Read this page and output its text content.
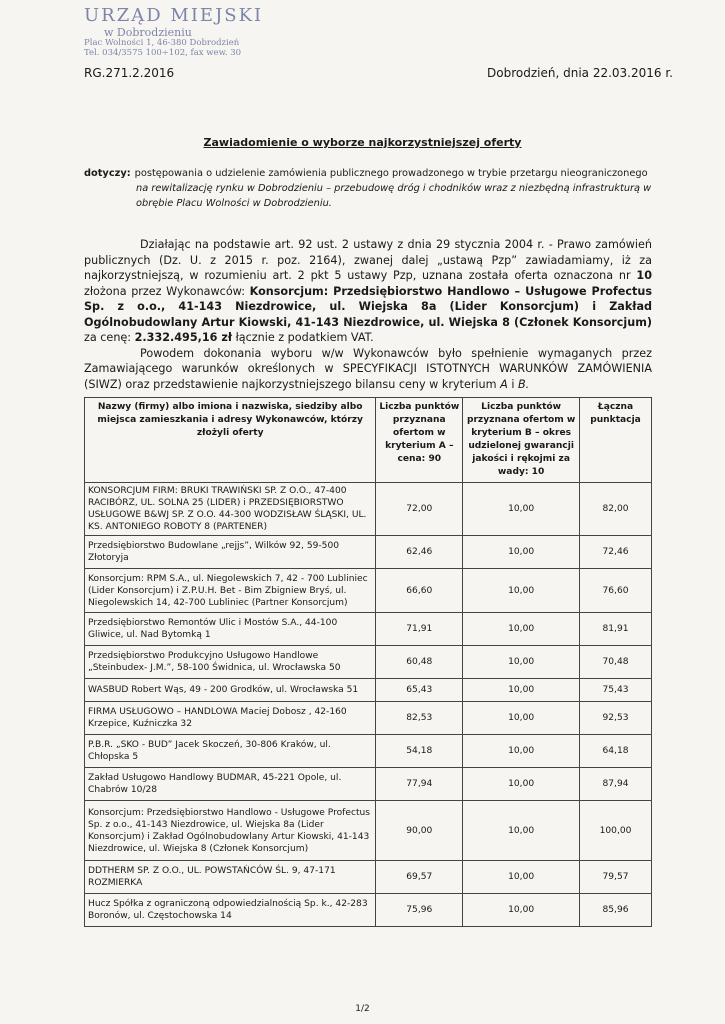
URZĄD MIEJSKI
w Dobrodzieniu
Plac Wolności 1, 46-380 Dobrodzień
Tel. 034/3575 100÷102, fax wew. 30
RG.271.2.2016	Dobrodzień, dnia 22.03.2016 r.
Zawiadomienie o wyborze najkorzystniejszej oferty
dotyczy: postępowania o udzielenie zamówienia publicznego prowadzonego w trybie przetargu nieograniczonego
na rewitalizację rynku w Dobrodzieniu – przebudowę dróg i chodników wraz z niezbędną infrastrukturą w obrębie Placu Wolności w Dobrodzieniu.

Działając na podstawie art. 92 ust. 2 ustawy z dnia 29 stycznia 2004 r. - Prawo zamówień publicznych (Dz. U. z 2015 r. poz. 2164), zwanej dalej „ustawą Pzp” zawiadamiamy, iż za najkorzystniejszą, w rozumieniu art. 2 pkt 5 ustawy Pzp, uznana została oferta oznaczona nr 10 złożona przez Wykonawców: Konsorcjum: Przedsiębiorstwo Handlowo – Usługowe Profectus Sp. z o.o., 41-143 Niezdrowice, ul. Wiejska 8a (Lider Konsorcjum) i Zakład Ogólnobudowlany Artur Kiowski, 41-143 Niezdrowice, ul. Wiejska 8 (Członek Konsorcjum) za cenę: 2.332.495,16 zł łącznie z podatkiem VAT.

Powodem dokonania wyboru w/w Wykonawców było spełnienie wymaganych przez Zamawiającego warunków określonych w SPECYFIKACJI ISTOTNYCH WARUNKÓW ZAMÓWIENIA (SIWZ) oraz przedstawienie najkorzystniejszego bilansu ceny w kryterium A i B.

Nazwy (firmy) albo imiona i nazwiska, siedziby albo miejsca zamieszkania i adresy Wykonawców, którzy złożyli oferty	Liczba punktów przyznana ofertom w kryterium A – cena: 90	Liczba punktów przyznana ofertom w kryterium B – okres udzielonej gwarancji jakości i rękojmi za wady: 10	Łączna punktacja
KONSORCJUM FIRM: BRUKI TRAWIŃSKI SP. Z O.O., 47-400 RACIBÓRZ, UL. SOLNA 25 (LIDER) i PRZEDSIĘBIORSTWO USŁUGOWE B&WJ SP. Z O.O. 44-300 WODZISŁAW ŚLĄSKI, UL. KS. ANTONIEGO ROBOTY 8 (PARTENER)	72,00	10,00	82,00
Przedsiębiorstwo Budowlane „rejjs”, Wilków 92, 59-500 Złotoryja	62,46	10,00	72,46
Konsorcjum: RPM S.A., ul. Niegolewskich 7, 42 - 700 Lubliniec (Lider Konsorcjum) i Z.P.U.H. Bet - Bim Zbigniew Bryś, ul. Niegolewskich 14, 42-700 Lubliniec (Partner Konsorcjum)	66,60	10,00	76,60
Przedsiębiorstwo Remontów Ulic i Mostów S.A., 44-100 Gliwice, ul. Nad Bytomką 1	71,91	10,00	81,91
Przedsiębiorstwo Produkcyjno Usługowo Handlowe „Steinbudex- J.M.”, 58-100 Świdnica, ul. Wrocławska 50	60,48	10,00	70,48
WASBUD Robert Wąs, 49 - 200 Grodków, ul. Wrocławska 51	65,43	10,00	75,43
FIRMA USŁUGOWO – HANDLOWA Maciej Dobosz , 42-160 Krzepice, Kuźniczka 32	82,53	10,00	92,53
P.B.R. „SKO - BUD” Jacek Skoczeń, 30-806 Kraków, ul. Chłopska 5	54,18	10,00	64,18
Zakład Usługowo Handlowy BUDMAR, 45-221 Opole, ul. Chabrów 10/28	77,94	10,00	87,94
Konsorcjum: Przedsiębiorstwo Handlowo - Usługowe Profectus Sp. z o.o., 41-143 Niezdrowice, ul. Wiejska 8a (Lider Konsorcjum) i Zakład Ogólnobudowlany Artur Kiowski, 41-143 Niezdrowice, ul. Wiejska 8 (Członek Konsorcjum)	90,00	10,00	100,00
DDTHERM SP. Z O.O., UL. POWSTAŃCÓW ŚL. 9, 47-171 ROZMIERKA	69,57	10,00	79,57
Hucz Spółka z ograniczoną odpowiedzialnością Sp. k., 42-283 Boronów, ul. Częstochowska 14	75,96	10,00	85,96
1/2
